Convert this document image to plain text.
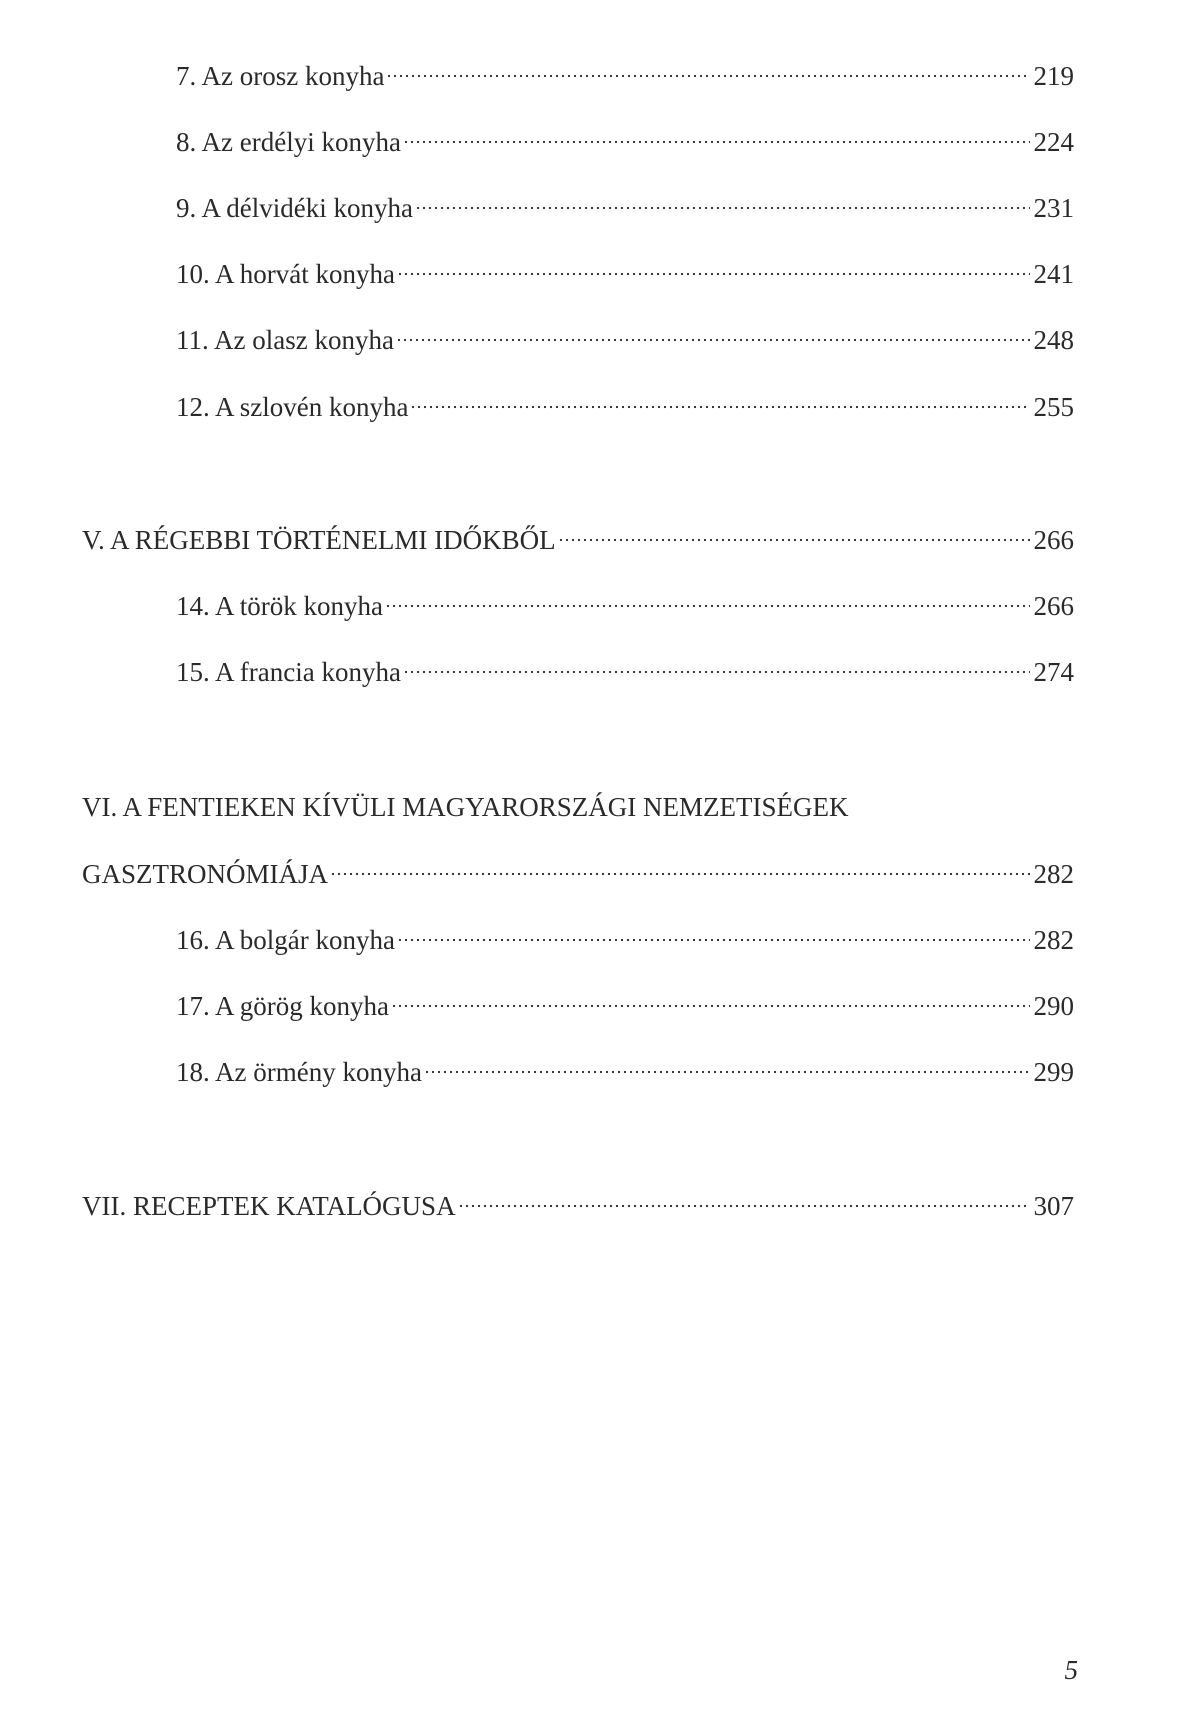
7. Az orosz konyha	219
8. Az erdélyi konyha	224
9. A délvidéki konyha	231
10. A horvát konyha	241
11. Az olasz konyha	248
12. A szlovén konyha	255
V. A RÉGEBBI TÖRTÉNELMI IDŐKBŐL	266
14. A török konyha	266
15. A francia konyha	274
VI. A FENTIEKEN KÍVÜLI MAGYARORSZÁGI NEMZETISÉGEK
GASZTRONÓMIÁJA	282
16. A bolgár konyha	282
17. A görög konyha	290
18. Az örmény konyha	299
VII. RECEPTEK KATALÓGUSA	307
5
